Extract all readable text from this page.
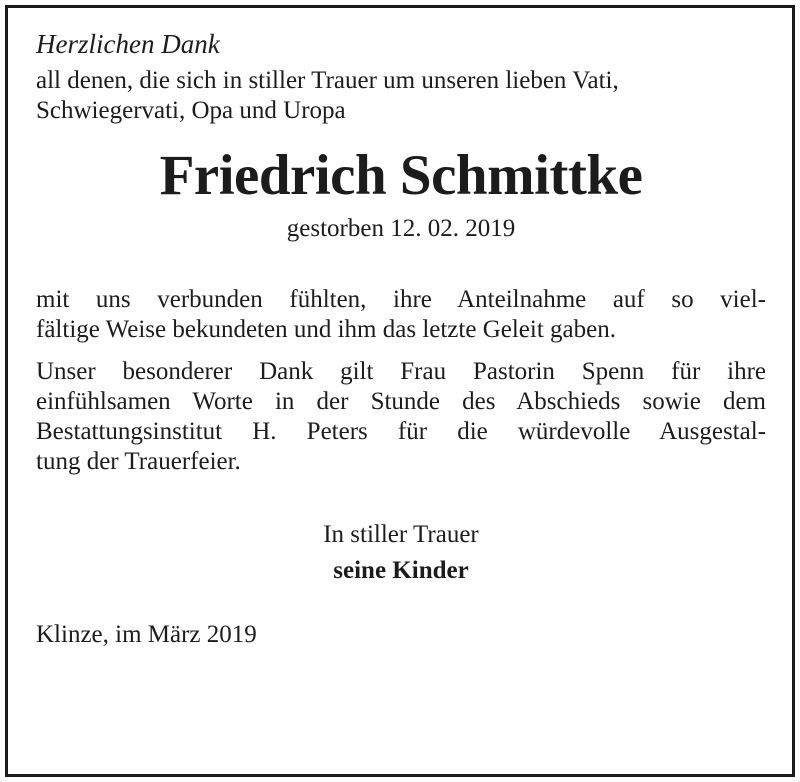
Herzlichen Dank

all denen, die sich in stiller Trauer um unseren lieben Vati,
Schwiegervati, Opa und Uropa

Friedrich Schmittke

gestorben 12. 02. 2019

mit uns verbunden fühlten, ihre Anteilnahme auf so viel-
fältige Weise bekundeten und ihm das letzte Geleit gaben.

Unser besonderer Dank gilt Frau Pastorin Spenn für ihre
einfühlsamen Worte in der Stunde des Abschieds sowie dem
Bestattungsinstitut H. Peters für die würdevolle Ausgestal-
tung der Trauerfeier.

In stiller Trauer
seine Kinder

Klinze, im März 2019
